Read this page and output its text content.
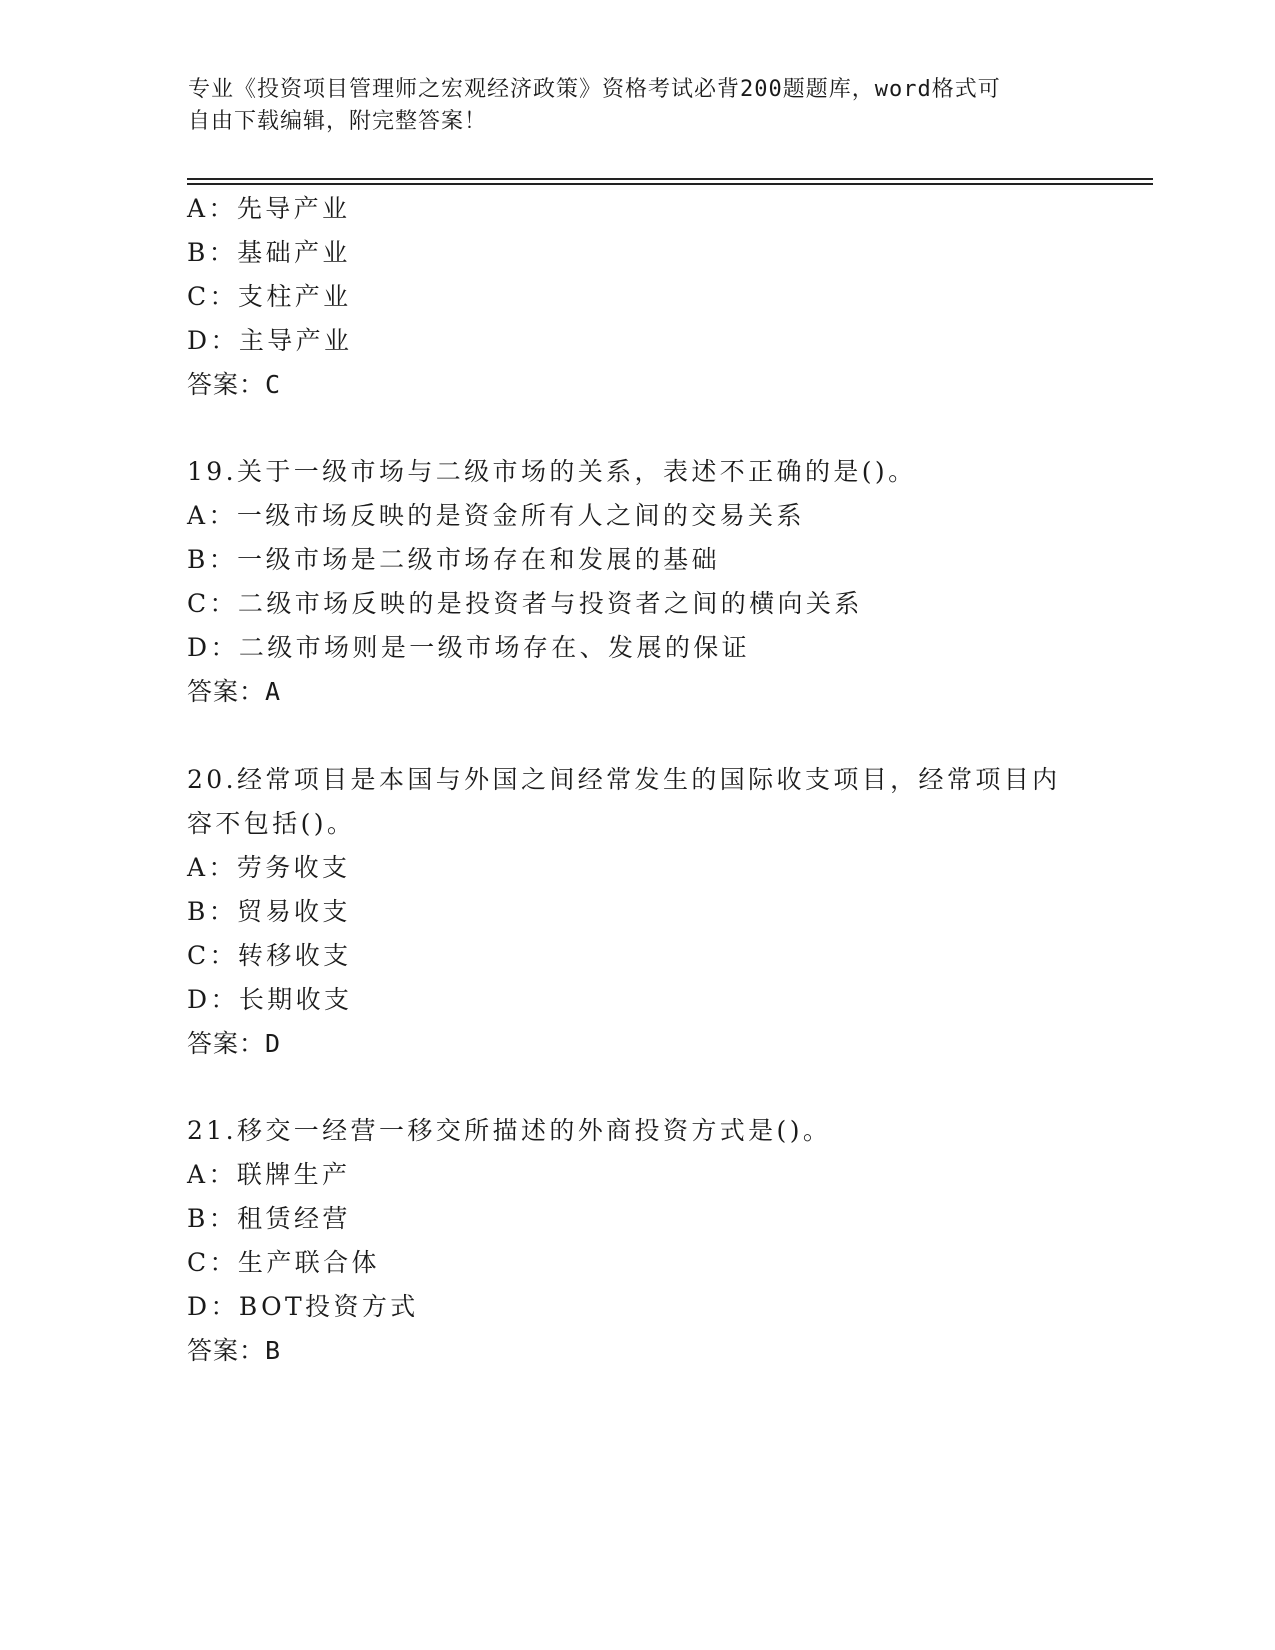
专业《投资项目管理师之宏观经济政策》资格考试必背200题题库，word格式可
自由下载编辑，附完整答案！
A：先导产业
B：基础产业
C：支柱产业
D：主导产业
答案：C
19.关于一级市场与二级市场的关系，表述不正确的是()。
A：一级市场反映的是资金所有人之间的交易关系
B：一级市场是二级市场存在和发展的基础
C：二级市场反映的是投资者与投资者之间的横向关系
D：二级市场则是一级市场存在、发展的保证
答案：A
20.经常项目是本国与外国之间经常发生的国际收支项目，经常项目内
容不包括()。
A：劳务收支
B：贸易收支
C：转移收支
D：长期收支
答案：D
21.移交一经营一移交所描述的外商投资方式是()。
A：联牌生产
B：租赁经营
C：生产联合体
D：BOT投资方式
答案：B
